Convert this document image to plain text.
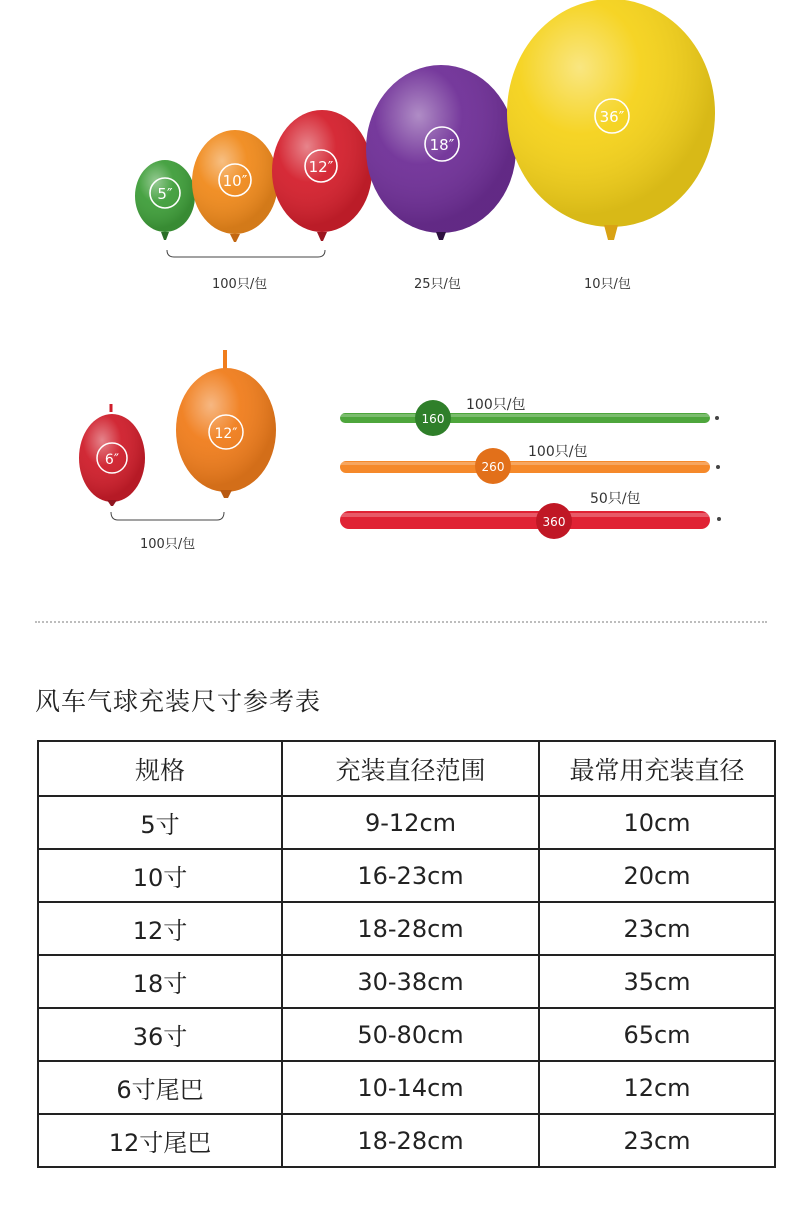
5″
10″
12″
18″
36″
100只/包	25只/包	10只/包
6″
12″
100只/包
160
260
360
100只/包
100只/包
50只/包
风车气球充装尺寸参考表
规格	充装直径范围	最常用充装直径
5寸	9-12cm	10cm
10寸	16-23cm	20cm
12寸	18-28cm	23cm
18寸	30-38cm	35cm
36寸	50-80cm	65cm
6寸尾巴	10-14cm	12cm
12寸尾巴	18-28cm	23cm
